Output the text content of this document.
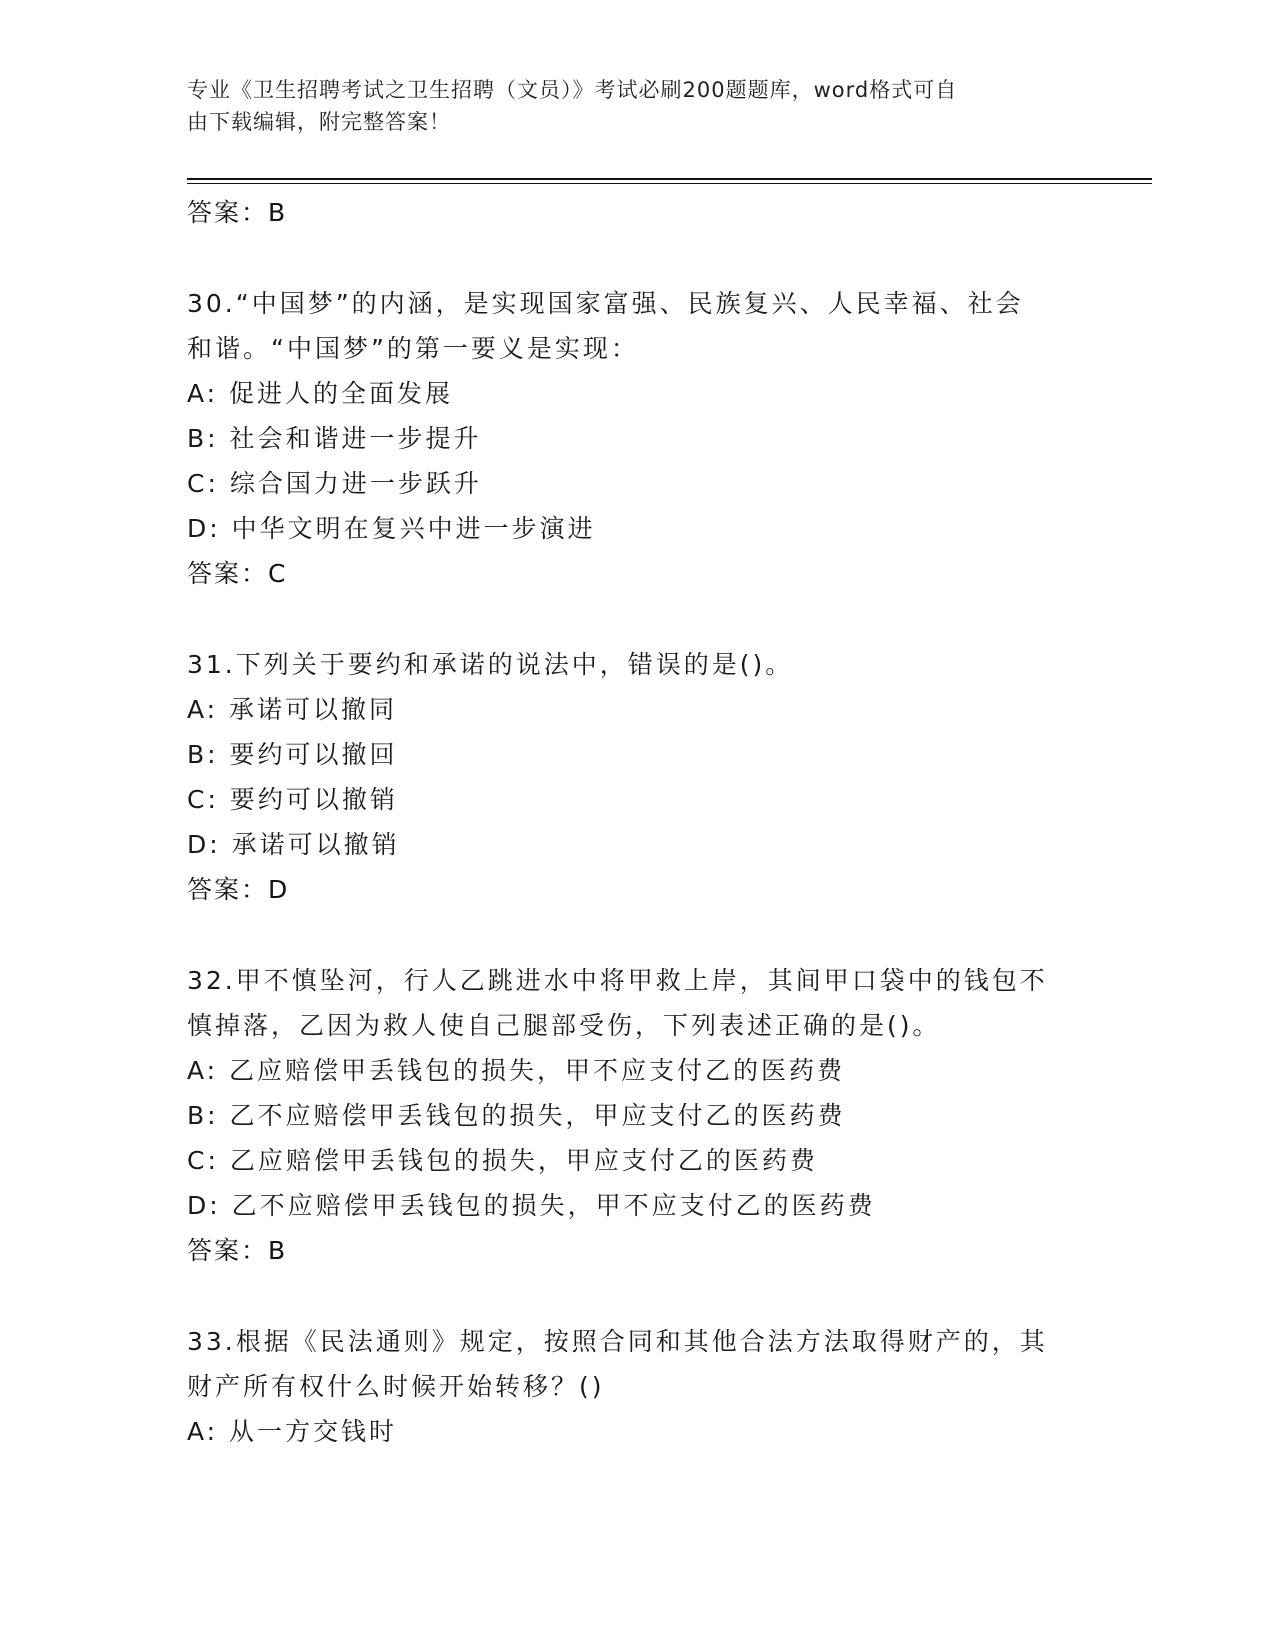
专业《卫生招聘考试之卫生招聘（文员）》考试必刷200题题库，word格式可自
由下载编辑，附完整答案！
答案：B
30.“中国梦”的内涵，是实现国家富强、民族复兴、人民幸福、社会
和谐。“中国梦”的第一要义是实现：
A: 促进人的全面发展
B: 社会和谐进一步提升
C: 综合国力进一步跃升
D: 中华文明在复兴中进一步演进
答案：C
31.下列关于要约和承诺的说法中，错误的是()。
A: 承诺可以撤同
B: 要约可以撤回
C: 要约可以撤销
D: 承诺可以撤销
答案：D
32.甲不慎坠河，行人乙跳进水中将甲救上岸，其间甲口袋中的钱包不
慎掉落，乙因为救人使自己腿部受伤，下列表述正确的是()。
A: 乙应赔偿甲丢钱包的损失，甲不应支付乙的医药费
B: 乙不应赔偿甲丢钱包的损失，甲应支付乙的医药费
C: 乙应赔偿甲丢钱包的损失，甲应支付乙的医药费
D: 乙不应赔偿甲丢钱包的损失，甲不应支付乙的医药费
答案：B
33.根据《民法通则》规定，按照合同和其他合法方法取得财产的，其
财产所有权什么时候开始转移？()
A: 从一方交钱时
